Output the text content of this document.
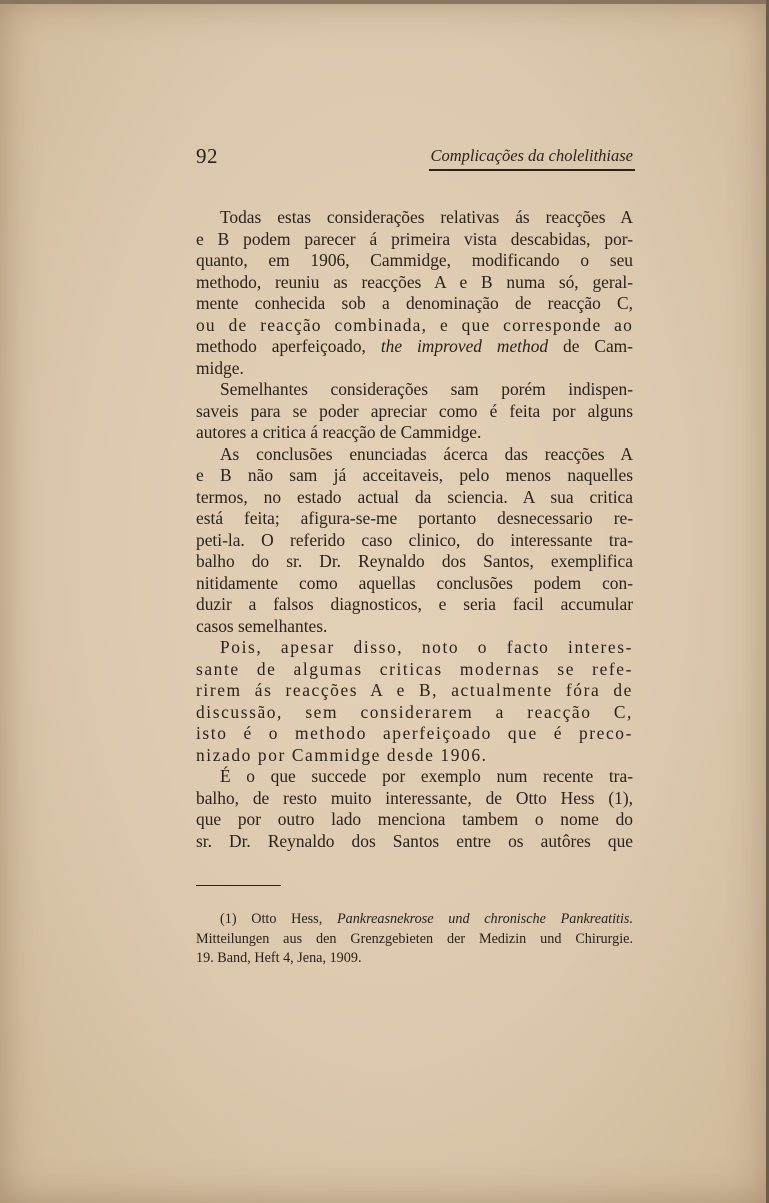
92	Complicações da cholelithiase
Todas estas considerações relativas ás reacções A
e B podem parecer á primeira vista descabidas, por-
quanto, em 1906, Cammidge, modificando o seu
methodo, reuniu as reacções A e B numa só, geral-
mente conhecida sob a denominação de reacção C,
ou de reacção combinada, e que corresponde ao
methodo aperfeiçoado, the improved method de Cam-
midge.
Semelhantes considerações sam porém indispen-
saveis para se poder apreciar como é feita por alguns
autores a critica á reacção de Cammidge.
As conclusões enunciadas ácerca das reacções A
e B não sam já acceitaveis, pelo menos naquelles
termos, no estado actual da sciencia. A sua critica
está feita; afigura-se-me portanto desnecessario re-
peti-la. O referido caso clinico, do interessante tra-
balho do sr. Dr. Reynaldo dos Santos, exemplifica
nitidamente como aquellas conclusões podem con-
duzir a falsos diagnosticos, e seria facil accumular
casos semelhantes.
Pois, apesar disso, noto o facto interes-
sante de algumas criticas modernas se refe-
rirem ás reacções A e B, actualmente fóra de
discussão, sem considerarem a reacção C,
isto é o methodo aperfeiçoado que é preco-
nizado por Cammidge desde 1906.
É o que succede por exemplo num recente tra-
balho, de resto muito interessante, de Otto Hess (1),
que por outro lado menciona tambem o nome do
sr. Dr. Reynaldo dos Santos entre os autôres que
(1) Otto Hess, Pankreasnekrose und chronische Pankreatitis.
Mitteilungen aus den Grenzgebieten der Medizin und Chirurgie.
19. Band, Heft 4, Jena, 1909.
